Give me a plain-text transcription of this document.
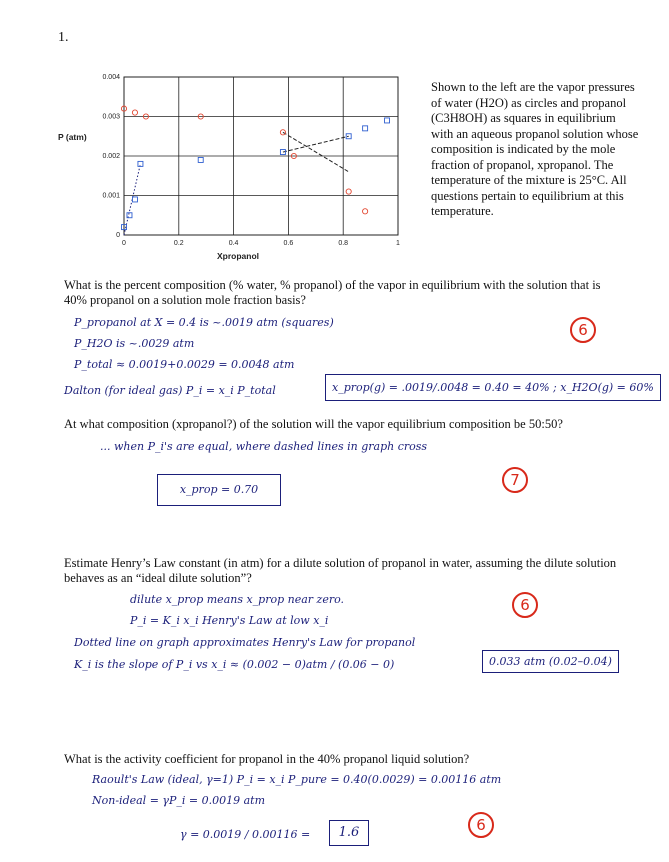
1.
P (atm)
Xpropanol
0
0.001
0.002
0.003
0.004
0	0.2	0.4	0.6	0.8	1
Shown to the left are the vapor pressures of water (H2O) as circles and propanol (C3H8OH) as squares in equilibrium with an aqueous propanol solution whose composition is indicated by the mole fraction of propanol, xpropanol. The temperature of the mixture is 25°C. All questions pertain to equilibrium at this temperature.
What is the percent composition (% water, % propanol) of the vapor in equilibrium with the solution that is 40% propanol on a solution mole fraction basis?
P_propanol at X = 0.4 is ~.0019 atm (squares)
P_H2O is ~.0029 atm
P_total ≈ 0.0019+0.0029 = 0.0048 atm
Dalton (for ideal gas) P_i = x_i P_total	x_prop(g) = .0019/.0048 = 0.40 = 40% ; x_H2O(g) = 60%
6
At what composition (xpropanol?) of the solution will the vapor equilibrium composition be 50:50?
... when P_i's are equal, where dashed lines in graph cross
x_prop = 0.70
7
Estimate Henry’s Law constant (in atm) for a dilute solution of propanol in water, assuming the dilute solution behaves as an “ideal dilute solution”?
dilute x_prop means x_prop near zero.
P_i = K_i x_i Henry's Law at low x_i
Dotted line on graph approximates Henry's Law for propanol
K_i is the slope of P_i vs x_i ≈ (0.002 − 0)atm / (0.06 − 0)	0.033 atm (0.02–0.04)
6
What is the activity coefficient for propanol in the 40% propanol liquid solution?
Raoult's Law (ideal, γ=1) P_i = x_i P_pure = 0.40(0.0029) = 0.00116 atm
Non-ideal = γP_i = 0.0019 atm
γ = 0.0019 / 0.00116 =	1.6	6
